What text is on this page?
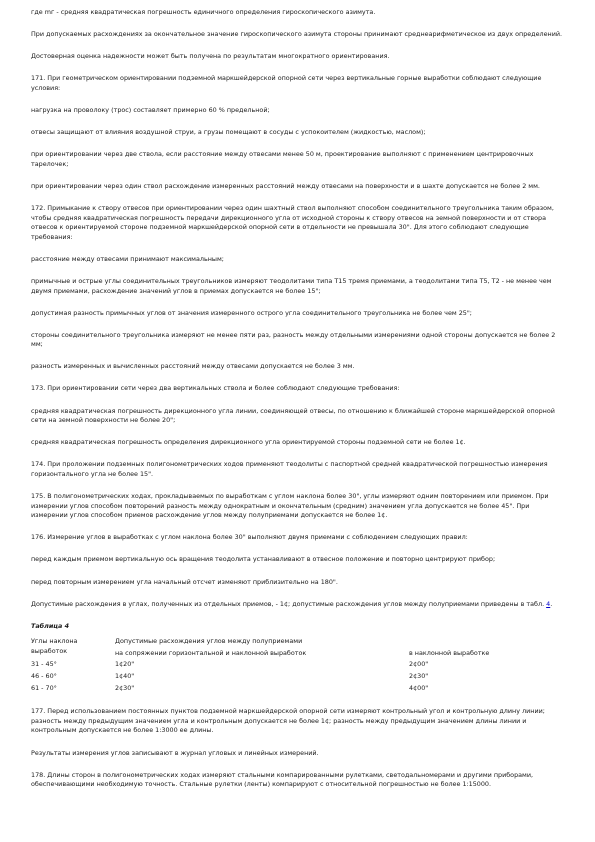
где mг - средняя квадратическая погрешность единичного определения гироскопического азимута.

При допускаемых расхождениях за окончательное значение гироскопического азимута стороны принимают среднеарифметическое из двух определений.

Достоверная оценка надежности может быть получена по результатам многократного ориентирования.

171. При геометрическом ориентировании подземной маркшейдерской опорной сети через вертикальные горные выработки соблюдают следующие условия:

нагрузка на проволоку (трос) составляет примерно 60 % предельной;

отвесы защищают от влияния воздушной струи, а грузы помещают в сосуды с успокоителем (жидкостью, маслом);

при ориентировании через две ствола, если расстояние между отвесами менее 50 м, проектирование выполняют с применением центрировочных тарелочек;

при ориентировании через один ствол расхождение измеренных расстояний между отвесами на поверхности и в шахте допускается не более 2 мм.

172. Примыкание к створу отвесов при ориентировании через один шахтный ствол выполняют способом соединительного треугольника таким образом, чтобы средняя квадратическая погрешность передачи дирекционного угла от исходной стороны к створу отвесов на земной поверхности и от створа отвесов к ориентируемой стороне подземной маркшейдерской опорной сети в отдельности не превышала 30". Для этого соблюдают следующие требования:

расстояние между отвесами принимают максимальным;

примычные и острые углы соединительных треугольников измеряют теодолитами типа Т15 тремя приемами, а теодолитами типа Т5, Т2 - не менее чем двумя приемами, расхождение значений углов в приемах допускается не более 15";

допустимая разность примычных углов от значения измеренного острого угла соединительного треугольника не более чем 25";

стороны соединительного треугольника измеряют не менее пяти раз, разность между отдельными измерениями одной стороны допускается не более 2 мм;

разность измеренных и вычисленных расстояний между отвесами допускается не более 3 мм.

173. При ориентировании сети через два вертикальных ствола и более соблюдают следующие требования:

средняя квадратическая погрешность дирекционного угла линии, соединяющей отвесы, по отношению к ближайшей стороне маркшейдерской опорной сети на земной поверхности не более 20";

средняя квадратическая погрешность определения дирекционного угла ориентируемой стороны подземной сети не более 1¢.

174. При проложении подземных полигонометрических ходов применяют теодолиты с паспортной средней квадратической погрешностью измерения горизонтального угла не более 15".

175. В полигонометрических ходах, прокладываемых по выработкам с углом наклона более 30", углы измеряют одним повторением или приемом. При измерении углов способом повторений разность между однократным и окончательным (средним) значением угла допускается не более 45". При измерении углов способом приемов расхождение углов между полуприемами допускается не более 1¢.

176. Измерение углов в выработках с углом наклона более 30" выполняют двумя приемами с соблюдением следующих правил:

перед каждым приемом вертикальную ось вращения теодолита устанавливают в отвесное положение и повторно центрируют прибор;

перед повторным измерением угла начальный отсчет изменяют приблизительно на 180".

Допустимые расхождения в углах, полученных из отдельных приемов, - 1¢; допустимые расхождения углов между полуприемами приведены в табл. 4.

Таблица 4

Углы наклона выработок	Допустимые расхождения углов между полуприемами	
	на сопряжении горизонтальной и наклонной выработок	в наклонной выработке
31 - 45°	1¢20"	2¢00"
46 - 60°	1¢40"	2¢30"
61 - 70°	2¢30"	4¢00"

177. Перед использованием постоянных пунктов подземной маркшейдерской опорной сети измеряют контрольный угол и контрольную длину линии; разность между предыдущим значением угла и контрольным допускается не более 1¢; разность между предыдущим значением длины линии и контрольным допускается не более 1:3000 ее длины.

Результаты измерения углов записывают в журнал угловых и линейных измерений.

178. Длины сторон в полигонометрических ходах измеряют стальными компарированными рулетками, светодальномерами и другими приборами, обеспечивающими необходимую точность. Стальные рулетки (ленты) компарируют с относительной погрешностью не более 1:15000.
